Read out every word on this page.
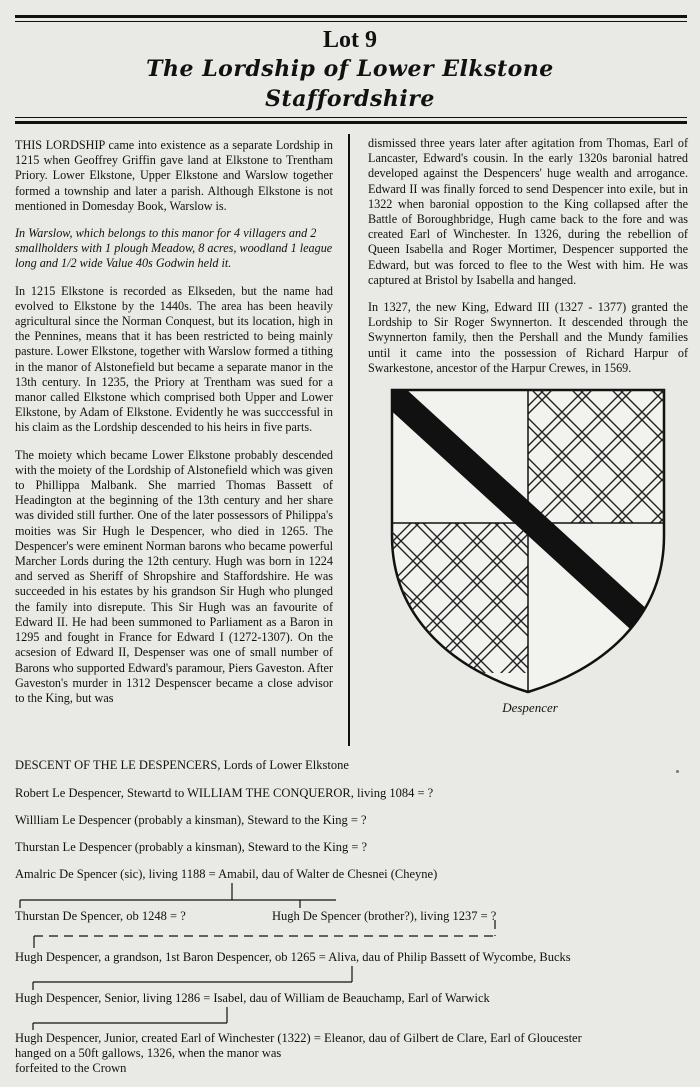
Lot 9
The Lordship of Lower Elkstone
Staffordshire

THIS LORDSHIP came into existence as a separate Lordship in 1215 when Geoffrey Griffin gave land at Elkstone to Trentham Priory. Lower Elkstone, Upper Elkstone and Warslow together formed a township and later a parish. Although Elkstone is not mentioned in Domesday Book, Warslow is.

In Warslow, which belongs to this manor for 4 villagers and 2 smallholders with 1 plough Meadow, 8 acres, woodland 1 league long and 1/2 wide Value 40s Godwin held it.

In 1215 Elkstone is recorded as Elkseden, but the name had evolved to Elkstone by the 1440s. The area has been heavily agricultural since the Norman Conquest, but its location, high in the Pennines, means that it has been restricted to being mainly pasture. Lower Elkstone, together with Warslow formed a tithing in the manor of Alstonefield but became a separate manor in the 13th century. In 1235, the Priory at Trentham was sued for a manor called Elkstone which comprised both Upper and Lower Elkstone, by Adam of Elkstone. Evidently he was succcessful in his claim as the Lordship descended to his heirs in five parts.

The moiety which became Lower Elkstone probably descended with the moiety of the Lordship of Alstonefield which was given to Phillippa Malbank. She married Thomas Bassett of Headington at the beginning of the 13th century and her share was divided still further. One of the later possessors of Philippa's moities was Sir Hugh le Despencer, who died in 1265. The Despencer's were eminent Norman barons who became powerful Marcher Lords during the 12th century. Hugh was born in 1224 and served as Sheriff of Shropshire and Staffordshire. He was succeeded in his estates by his grandson Sir Hugh who plunged the family into disrepute. This Sir Hugh was an favourite of Edward II. He had been summoned to Parliament as a Baron in 1295 and fought in France for Edward I (1272-1307). On the acsesion of Edward II, Despenser was one of small number of Barons who supported Edward's paramour, Piers Gaveston. After Gaveston's murder in 1312 Despenscer became a close advisor to the King, but was

dismissed three years later after agitation from Thomas, Earl of Lancaster, Edward's cousin. In the early 1320s baronial hatred developed against the Despencers' huge wealth and arrogance. Edward II was finally forced to send Despencer into exile, but in 1322 when baronial oppostion to the King collapsed after the Battle of Boroughbridge, Hugh came back to the fore and was created Earl of Winchester. In 1326, during the rebellion of Queen Isabella and Roger Mortimer, Despencer supported the Edward, but was forced to flee to the West with him. He was captured at Bristol by Isabella and hanged.

In 1327, the new King, Edward III (1327 - 1377) granted the Lordship to Sir Roger Swynnerton. It descended through the Swynnerton family, then the Pershall and the Mundy families until it came into the possession of Richard Harpur of Swarkestone, ancestor of the Harpur Crewes, in 1569.

Despencer
DESCENT OF THE LE DESPENCERS, Lords of Lower Elkstone
Robert Le Despencer, Stewartd to WILLIAM THE CONQUEROR, living 1084 = ?
Willliam Le Despencer (probably a kinsman), Steward to the King = ?
Thurstan Le Despencer (probably a kinsman), Steward to the King = ?
Amalric De Spencer (sic), living 1188 = Amabil, dau of Walter de Chesnei (Cheyne)
Thurstan De Spencer, ob 1248 = ?	Hugh De Spencer (brother?), living 1237 = ?
Hugh Despencer, a grandson, 1st Baron Despencer, ob 1265 = Aliva, dau of Philip Bassett of Wycombe, Bucks
Hugh Despencer, Senior, living 1286 = Isabel, dau of William de Beauchamp, Earl of Warwick
Hugh Despencer, Junior, created Earl of Winchester (1322) = Eleanor, dau of Gilbert de Clare, Earl of Gloucester
hanged on a 50ft gallows, 1326, when the manor was forfeited to the Crown
